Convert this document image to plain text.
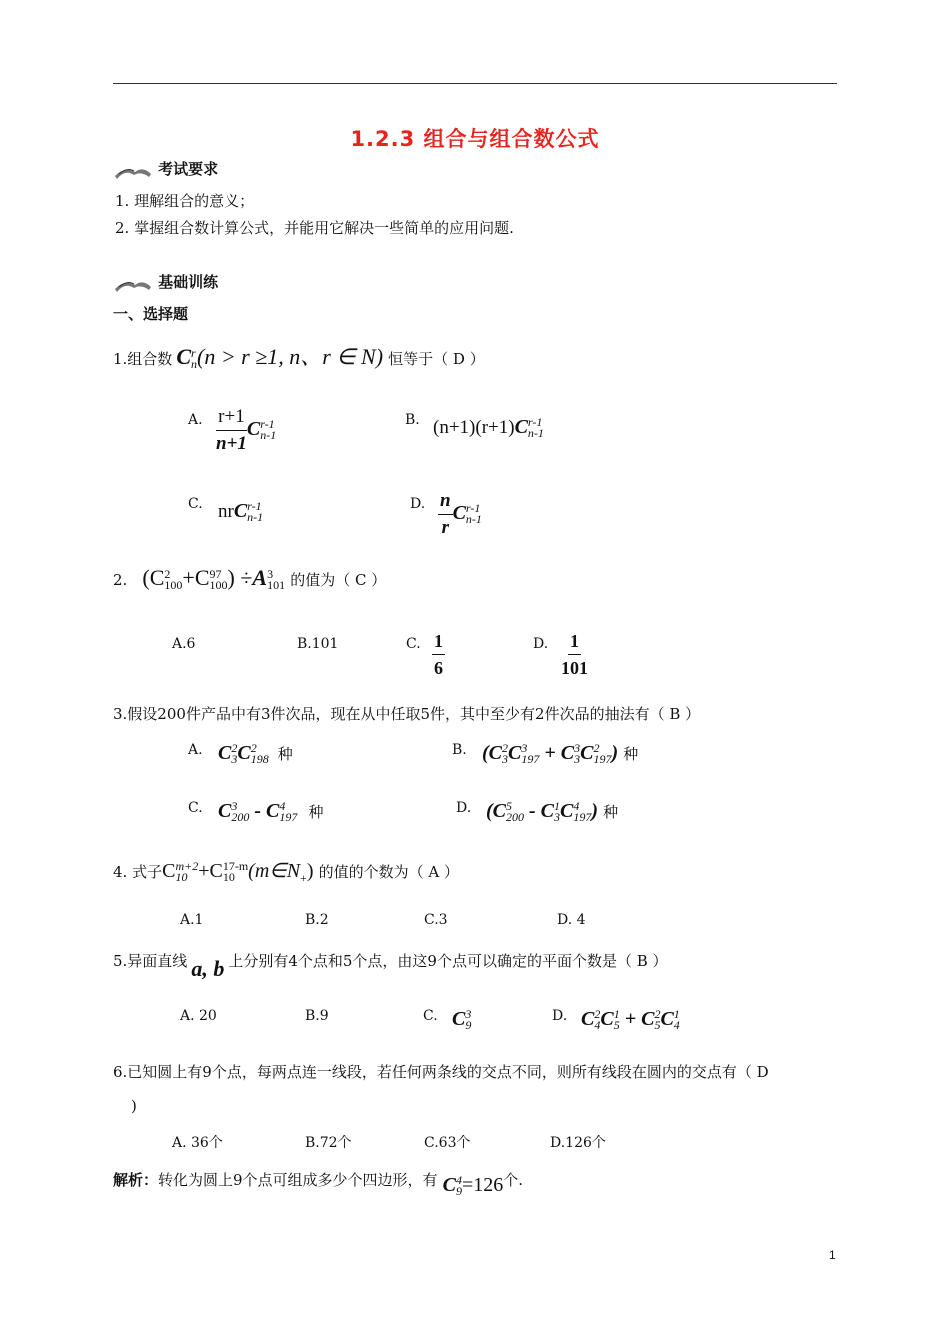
1.2.3 组合与组合数公式
考试要求
1. 理解组合的意义；
2. 掌握组合数计算公式，并能用它解决一些简单的应用问题.
基础训练
一、选择题
1.组合数 C r
n (n > r ≥1, n、r ∈ N) 恒等于（ D ）
A. $\frac{r+1}{n+1}$ C r-1
n-1
B. (n+1)(r+1)C r-1
n-1
C. nrC r-1
n-1
D. $\frac{n}{r}$ C r-1
n-1
2. (C 2
100 +C 97
100 ) ÷A 3
101 的值为（ C ）
A.6	B.101	C. $\frac{1}{6}$	D. $\frac{1}{101}$
3.假设200件产品中有3件次品，现在从中任取5件，其中至少有2件次品的抽法有（ B ）
A. C 2
3 C 2
198 种	B. (C 2
3 C 3
197 + C 3
3 C 2
197 ) 种
C. C 3
200 - C 4
197 种	D. (C 5
200 - C 1
3 C 4
197 ) 种
4. 式子C m+2
10 +C 17-m
10 $(m\in N_+)$ 的值的个数为（ A ）
A.1	B.2	C.3	D. 4
5.异面直线 a, b 上分别有4个点和5个点，由这9个点可以确定的平面个数是（ B ）
A. 20	B.9	C. C 3
9
D. C 2
4 C 1
5 + C 2
5 C 1
4
6.已知圆上有9个点，每两点连一线段，若任何两条线的交点不同，则所有线段在圆内的交点有（ D
)
A. 36个	B.72个	C.63个	D.126个
解析：转化为圆上9个点可组成多少个四边形，有 C 4
9 =126个.
1
